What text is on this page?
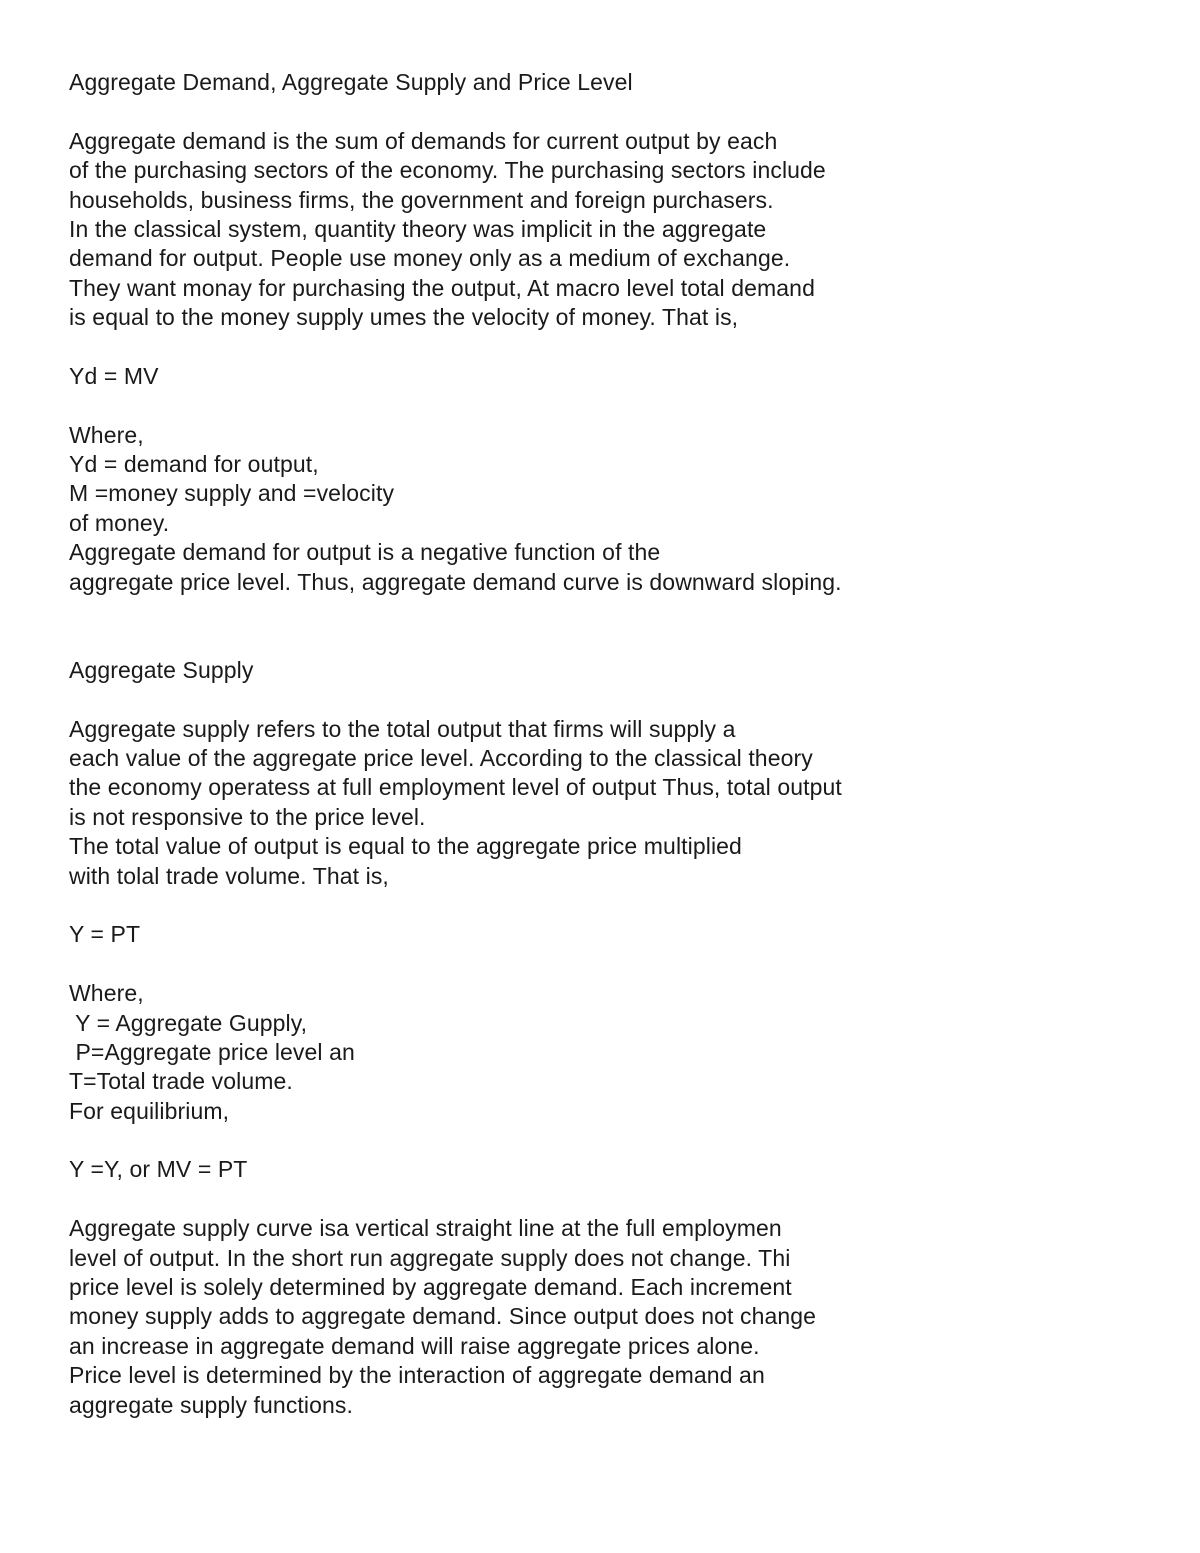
Aggregate Demand, Aggregate Supply and Price Level
Aggregate demand is the sum of demands for current output by each
of the purchasing sectors of the economy. The purchasing sectors include
households, business firms, the government and foreign purchasers.
In the classical system, quantity theory was implicit in the aggregate
demand for output. People use money only as a medium of exchange.
They want monay for purchasing the output, At macro level total demand
is equal to the money supply umes the velocity of money. That is,
Yd = MV
Where,
Yd = demand for output,
M =money supply and =velocity
of money.
Aggregate demand for output is a negative function of the
aggregate price level. Thus, aggregate demand curve is downward sloping.
Aggregate Supply
Aggregate supply refers to the total output that firms will supply a
each value of the aggregate price level. According to the classical theory
the economy operatess at full employment level of output Thus, total output
is not responsive to the price level.
The total value of output is equal to the aggregate price multiplied
with tolal trade volume. That is,
Y = PT
Where,
Y = Aggregate Gupply,
P=Aggregate price level an
T=Total trade volume.
For equilibrium,
Y =Y, or MV = PT
Aggregate supply curve isa vertical straight line at the full employmen
level of output. In the short run aggregate supply does not change. Thi
price level is solely determined by aggregate demand. Each increment
money supply adds to aggregate demand. Since output does not change
an increase in aggregate demand will raise aggregate prices alone.
Price level is determined by the interaction of aggregate demand an
aggregate supply functions.
